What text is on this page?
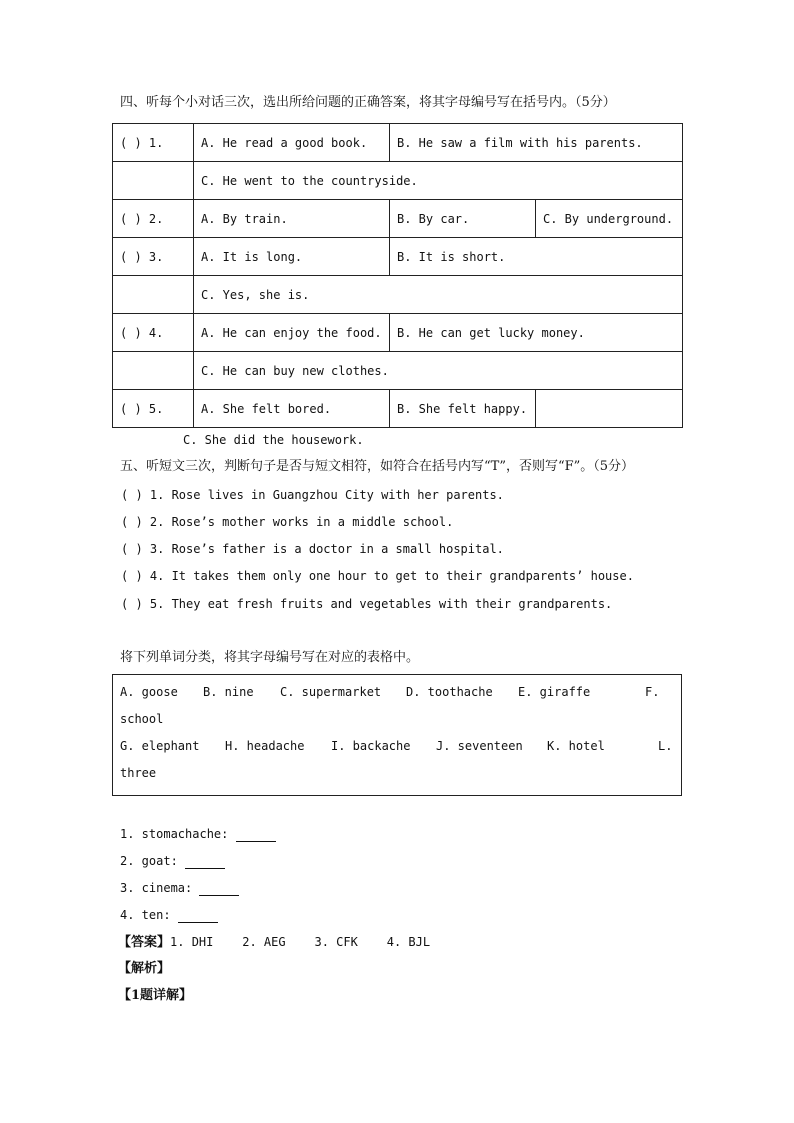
四、听每个小对话三次，选出所给问题的正确答案，将其字母编号写在括号内。（5分）
( ) 1.	A. He read a good book.	B. He saw a film with his parents.	
	C. He went to the countryside.		
( ) 2.	A. By train.	B. By car.	C. By underground.
( ) 3.	A. It is long.	B. It is short.	
	C. Yes, she is.		
( ) 4.	A. He can enjoy the food.	B. He can get lucky money.	
	C. He can buy new clothes.		
( ) 5.	A. She felt bored.	B. She felt happy.	
C. She did the housework.
五、听短文三次，判断句子是否与短文相符，如符合在括号内写“T”，否则写“F”。（5分）
( ) 1. Rose lives in Guangzhou City with her parents.
( ) 2. Rose’s mother works in a middle school.
( ) 3. Rose’s father is a doctor in a small hospital.
( ) 4. It takes them only one hour to get to their grandparents’ house.
( ) 5. They eat fresh fruits and vegetables with their grandparents.
将下列单词分类，将其字母编号写在对应的表格中。
A. goose B. nine C. supermarket D. toothache E. giraffe	F.
school
G. elephant H. headache I. backache J. seventeen K. hotel	L.
three
1. stomachache:
2. goat:
3. cinema:
4. ten:
【答案】1. DHI    2. AEG    3. CFK    4. BJL
【解析】
【1题详解】
